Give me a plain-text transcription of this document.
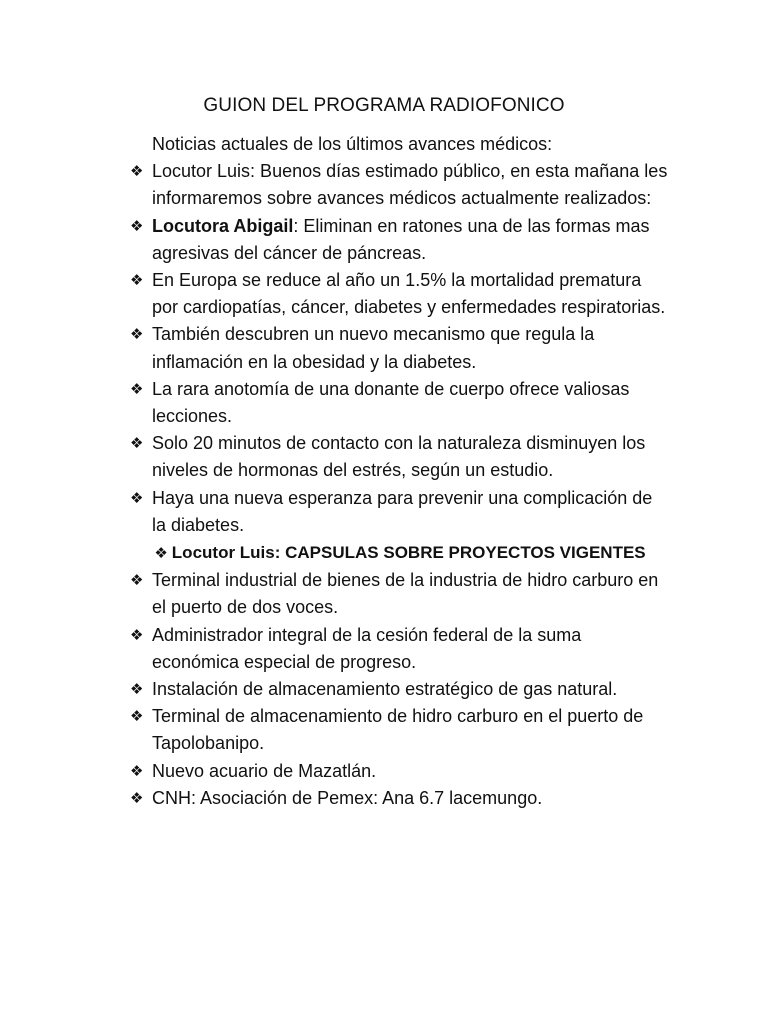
GUION DEL PROGRAMA RADIOFONICO

Noticias actuales de los últimos avances médicos:

❖ Locutor Luis: Buenos días estimado público, en esta mañana les informaremos sobre avances médicos actualmente realizados:
❖ Locutora Abigail: Eliminan en ratones una de las formas mas agresivas del cáncer de páncreas.
❖ En Europa se reduce al año un 1.5% la mortalidad prematura por cardiopatías, cáncer, diabetes y enfermedades respiratorias.
❖ También descubren un nuevo mecanismo que regula la inflamación en la obesidad y la diabetes.
❖ La rara anotomía de una donante de cuerpo ofrece valiosas lecciones.
❖ Solo 20 minutos de contacto con la naturaleza disminuyen los niveles de hormonas del estrés, según un estudio.
❖ Haya una nueva esperanza para prevenir una complicación de la diabetes.
❖ Locutor Luis: CAPSULAS SOBRE PROYECTOS VIGENTES
❖ Terminal industrial de bienes de la industria de hidro carburo en el puerto de dos voces.
❖ Administrador integral de la cesión federal de la suma económica especial de progreso.
❖ Instalación de almacenamiento estratégico de gas natural.
❖ Terminal de almacenamiento de hidro carburo en el puerto de Tapolobanipo.
❖ Nuevo acuario de Mazatlán.
❖ CNH: Asociación de Pemex: Ana 6.7 lacemungo.
